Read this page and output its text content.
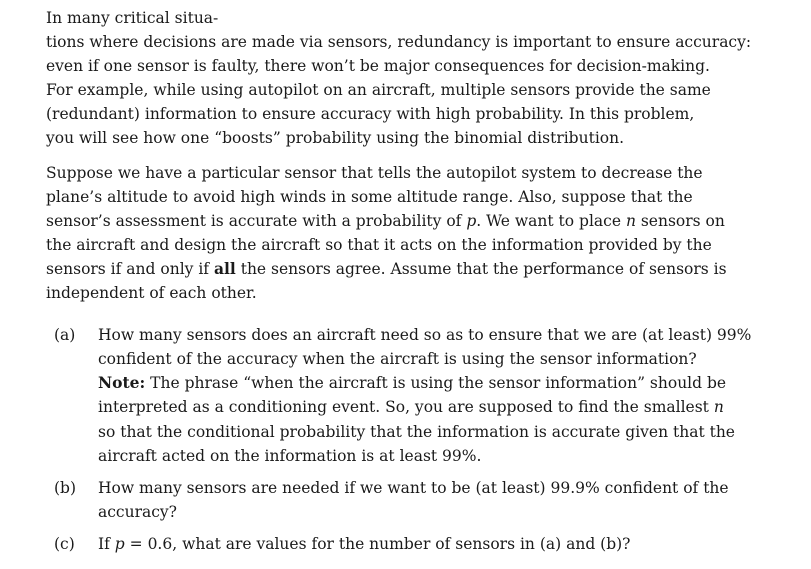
In many critical situa-
tions where decisions are made via sensors, redundancy is important to ensure accuracy:
even if one sensor is faulty, there won’t be major consequences for decision-making.
For example, while using autopilot on an aircraft, multiple sensors provide the same
(redundant) information to ensure accuracy with high probability. In this problem,
you will see how one “boosts” probability using the binomial distribution.

Suppose we have a particular sensor that tells the autopilot system to decrease the
plane’s altitude to avoid high winds in some altitude range. Also, suppose that the
sensor’s assessment is accurate with a probability of p. We want to place n sensors on
the aircraft and design the aircraft so that it acts on the information provided by the
sensors if and only if all the sensors agree. Assume that the performance of sensors is
independent of each other.

(a) How many sensors does an aircraft need so as to ensure that we are (at least) 99%
confident of the accuracy when the aircraft is using the sensor information?
Note: The phrase “when the aircraft is using the sensor information” should be
interpreted as a conditioning event. So, you are supposed to find the smallest n
so that the conditional probability that the information is accurate given that the
aircraft acted on the information is at least 99%.
(b) How many sensors are needed if we want to be (at least) 99.9% confident of the
accuracy?
(c) If p = 0.6, what are values for the number of sensors in (a) and (b)?
